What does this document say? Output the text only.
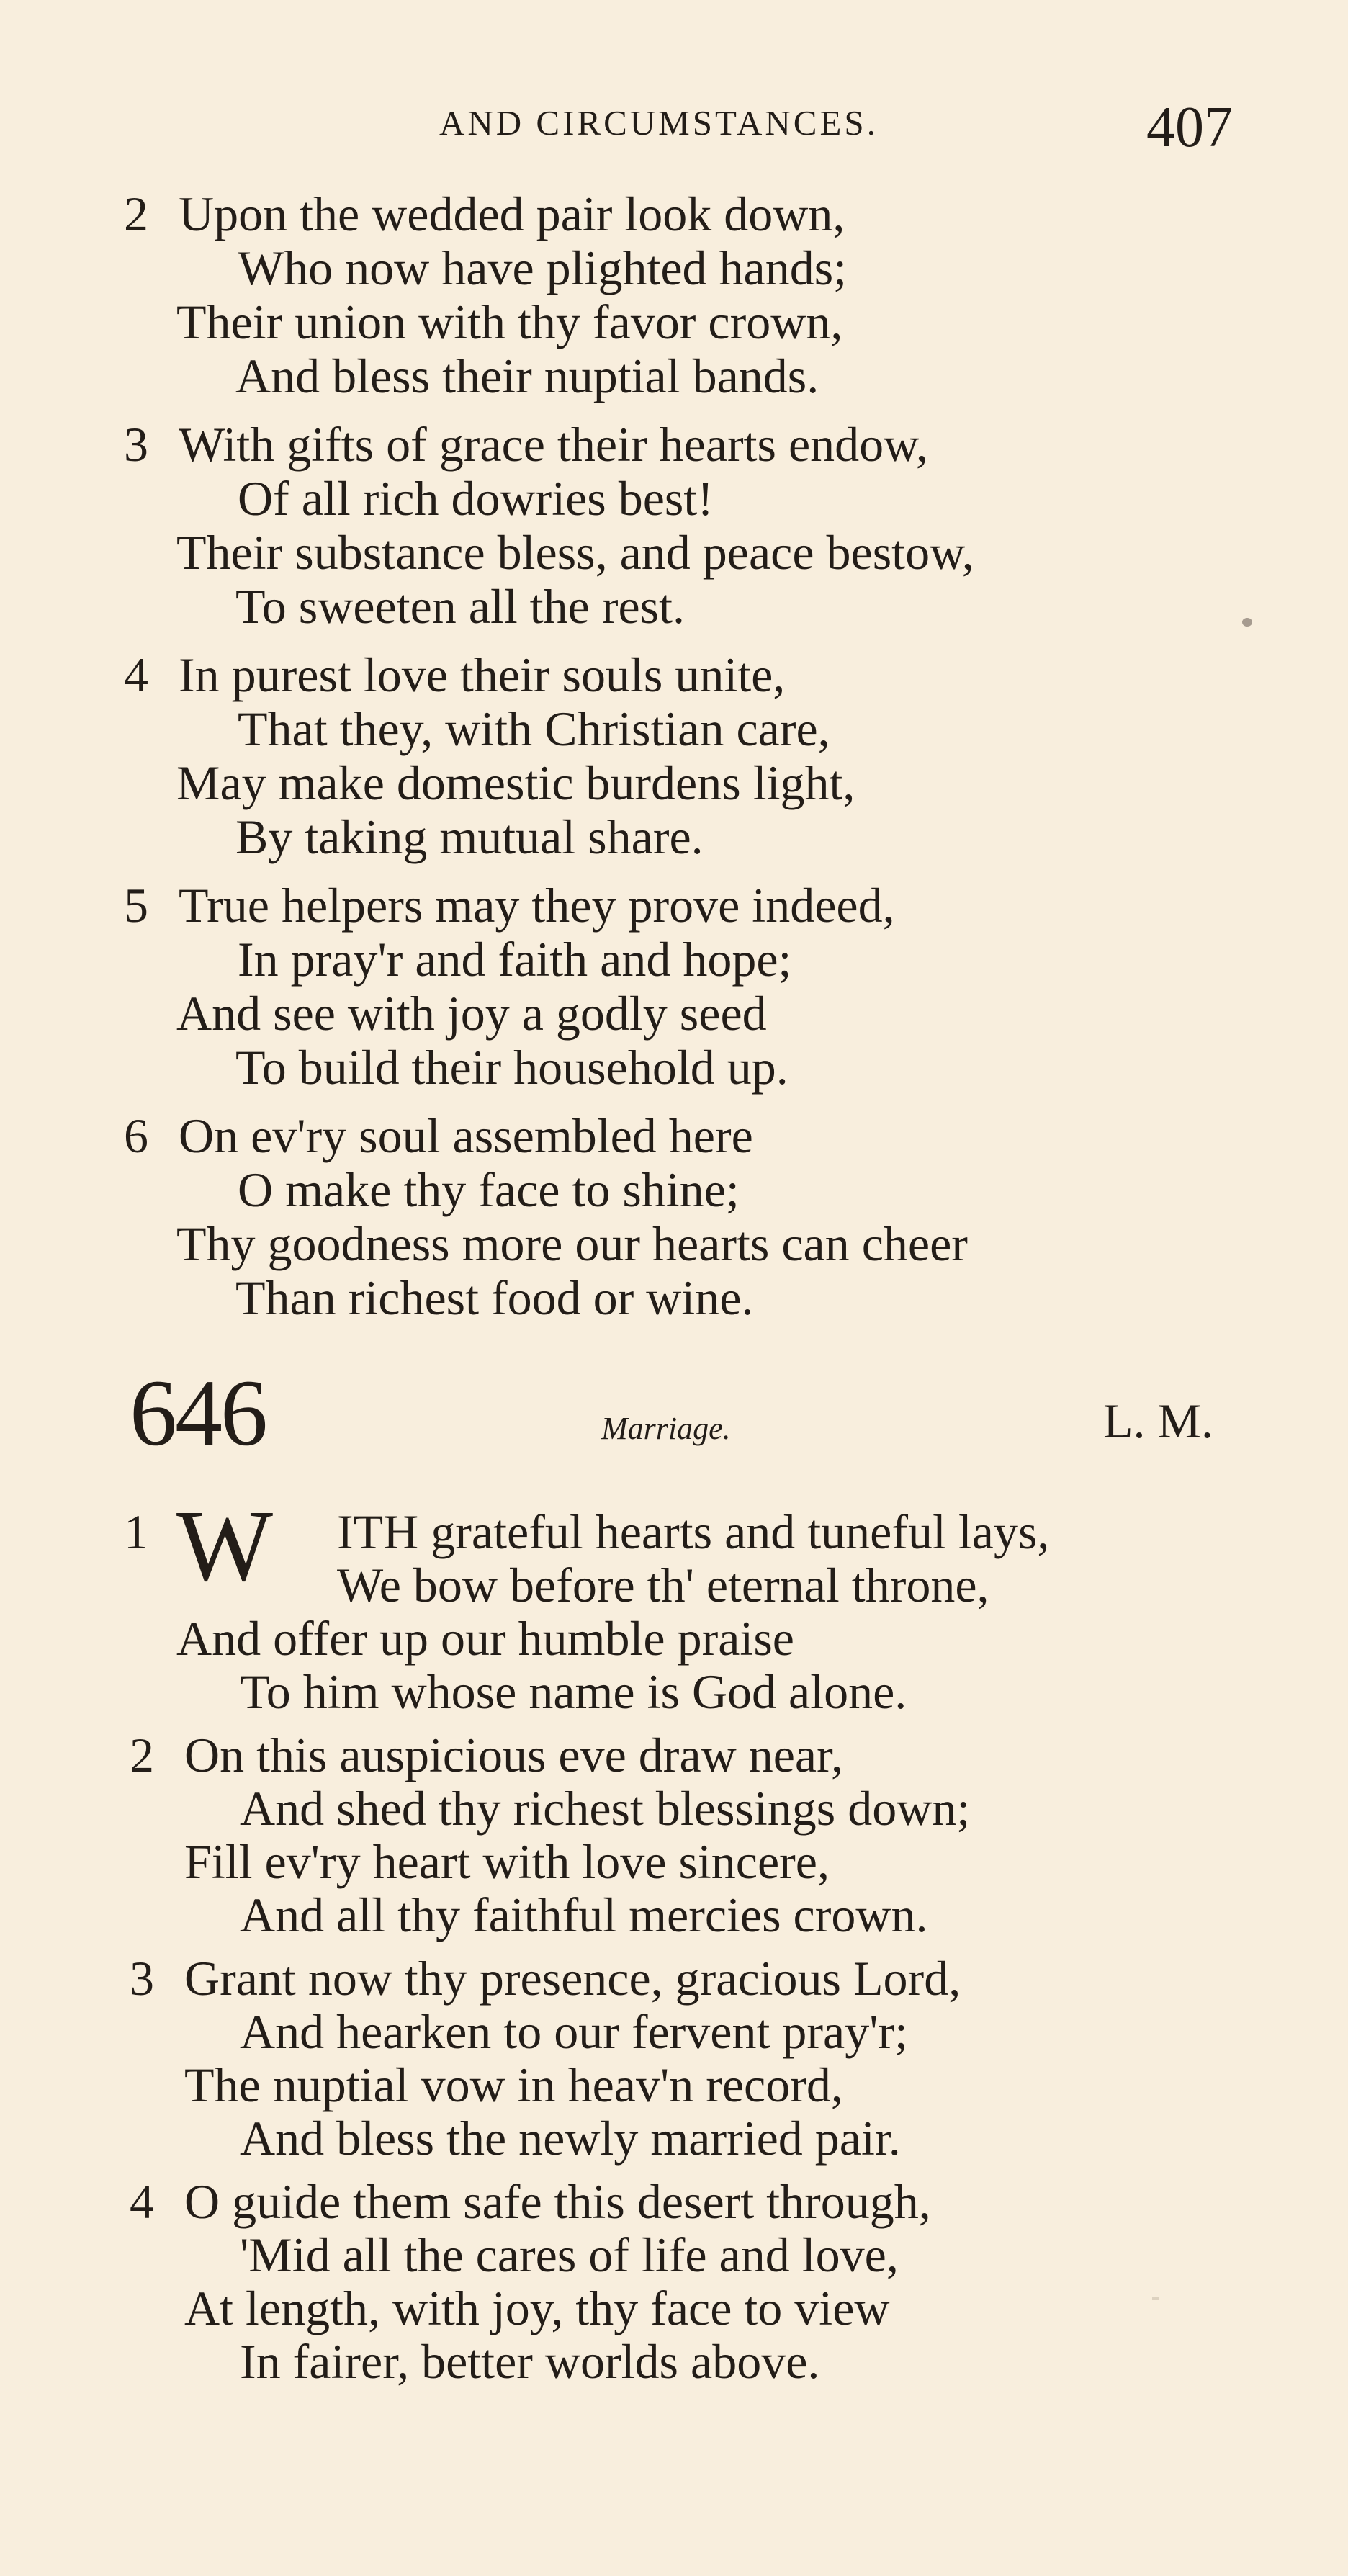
AND CIRCUMSTANCES.	407
2 Upon the wedded pair look down,
Who now have plighted hands;
Their union with thy favor crown,
And bless their nuptial bands.
3 With gifts of grace their hearts endow,
Of all rich dowries best!
Their substance bless, and peace bestow,
To sweeten all the rest.
4 In purest love their souls unite,
That they, with Christian care,
May make domestic burdens light,
By taking mutual share.
5 True helpers may they prove indeed,
In pray'r and faith and hope;
And see with joy a godly seed
To build their household up.
6 On ev'ry soul assembled here
O make thy face to shine;
Thy goodness more our hearts can cheer
Than richest food or wine.
646	Marriage.	L. M.
1 W ITH grateful hearts and tuneful lays,
We bow before th' eternal throne,
And offer up our humble praise
To him whose name is God alone.
2 On this auspicious eve draw near,
And shed thy richest blessings down;
Fill ev'ry heart with love sincere,
And all thy faithful mercies crown.
3 Grant now thy presence, gracious Lord,
And hearken to our fervent pray'r;
The nuptial vow in heav'n record,
And bless the newly married pair.
4 O guide them safe this desert through,
'Mid all the cares of life and love,
At length, with joy, thy face to view
In fairer, better worlds above.
